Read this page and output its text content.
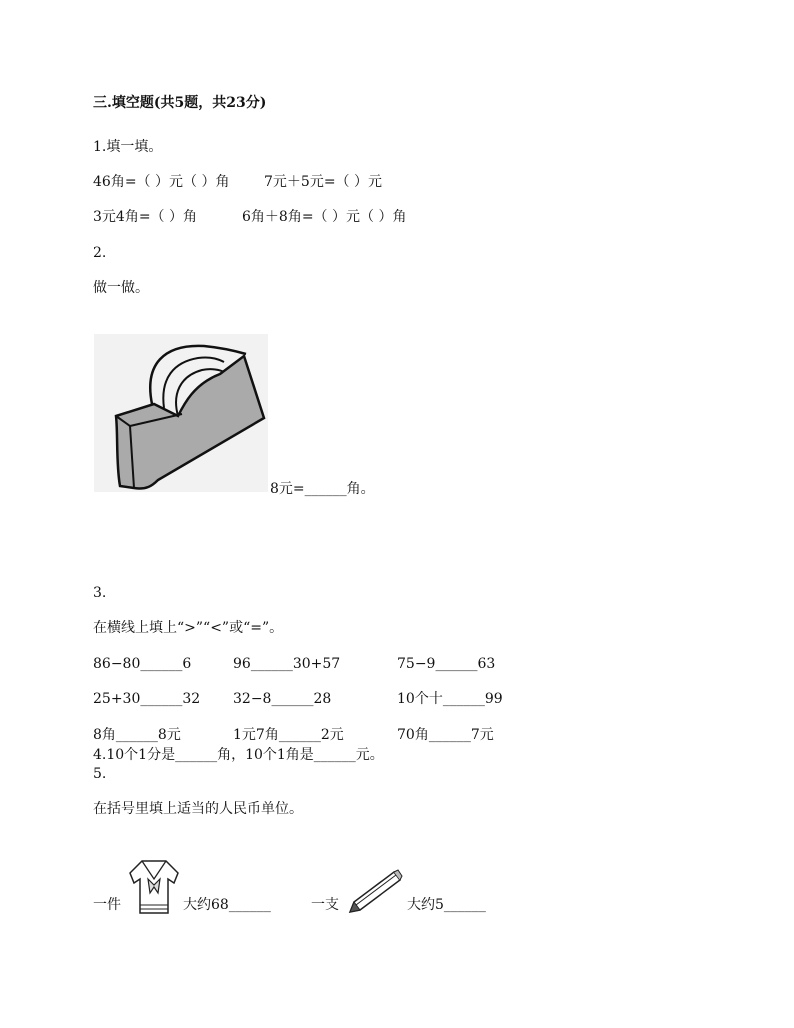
三.填空题(共5题，共23分)
1.填一填。
46角=（ ）元（ ）角 7元＋5元=（ ）元
3元4角=（ ）角	6角＋8角=（ ）元（ ）角
2.
做一做。
8元=______角。
3.
在横线上填上“>”“<”或“=”。
86−80______6	96______30+57	75−9______63
25+30______32 32−8______28	10个十______99
8角______8元	1元7角______2元	70角______7元
4.10个1分是______角，10个1角是______元。
5.
在括号里填上适当的人民币单位。
一件	大约68______	一支	大约5______
